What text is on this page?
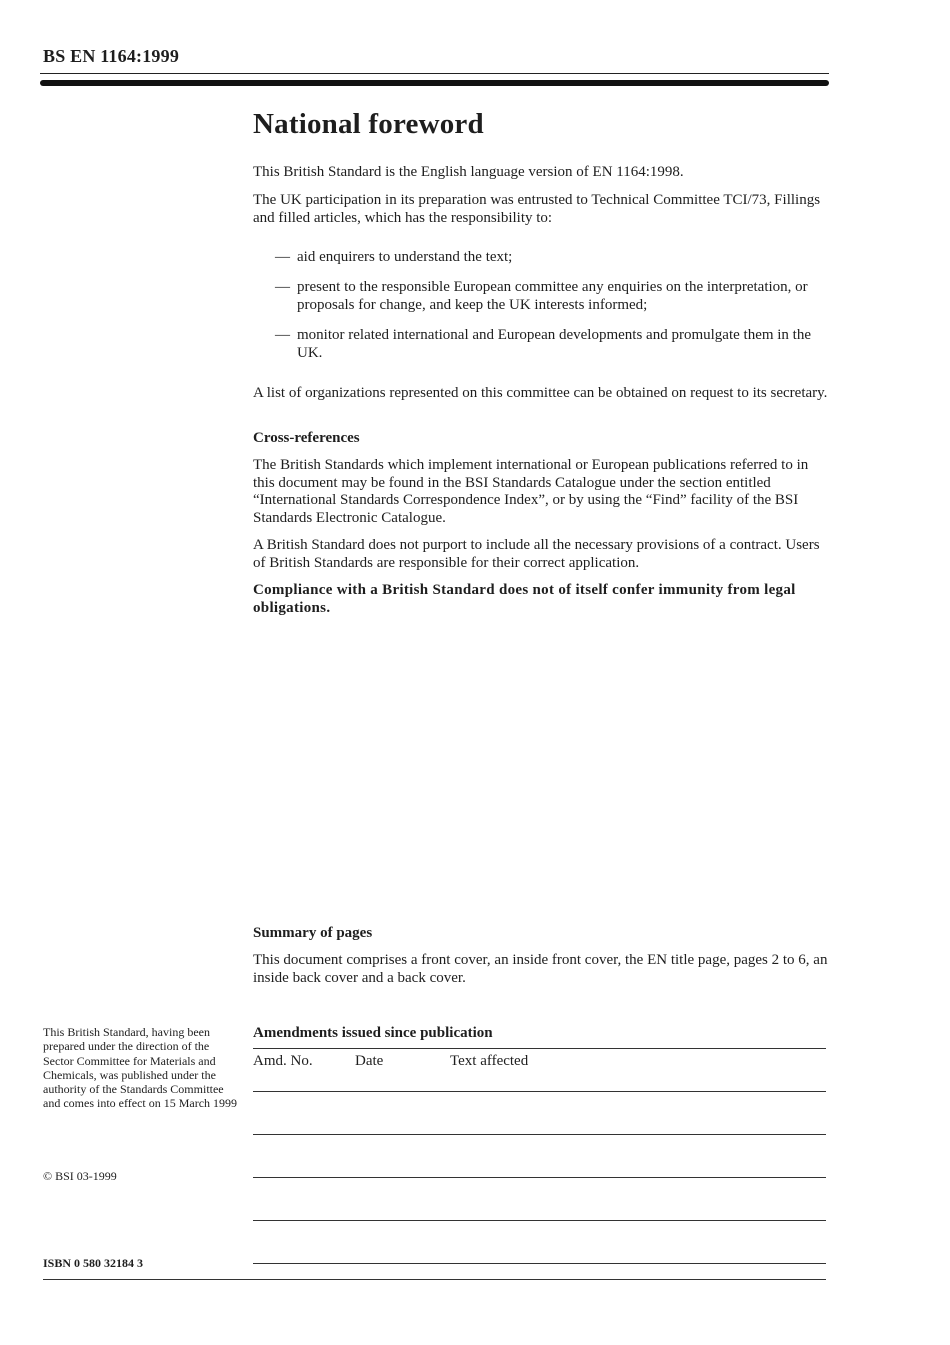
BS EN 1164:1999
National foreword

This British Standard is the English language version of EN 1164:1998.

The UK participation in its preparation was entrusted to Technical Committee TCI/73, Fillings and filled articles, which has the responsibility to:

— aid enquirers to understand the text;
— present to the responsible European committee any enquiries on the interpretation, or proposals for change, and keep the UK interests informed;
— monitor related international and European developments and promulgate them in the UK.

A list of organizations represented on this committee can be obtained on request to its secretary.

Cross-references

The British Standards which implement international or European publications referred to in this document may be found in the BSI Standards Catalogue under the section entitled “International Standards Correspondence Index”, or by using the “Find” facility of the BSI Standards Electronic Catalogue.

A British Standard does not purport to include all the necessary provisions of a contract. Users of British Standards are responsible for their correct application.

Compliance with a British Standard does not of itself confer immunity from legal obligations.
Summary of pages
This document comprises a front cover, an inside front cover, the EN title page, pages 2 to 6, an inside back cover and a back cover.
This British Standard, having been prepared under the direction of the Sector Committee for Materials and Chemicals, was published under the authority of the Standards Committee and comes into effect on 15 March 1999
© BSI 03-1999
ISBN 0 580 32184 3
Amendments issued since publication
Amd. No.	Date	Text affected
